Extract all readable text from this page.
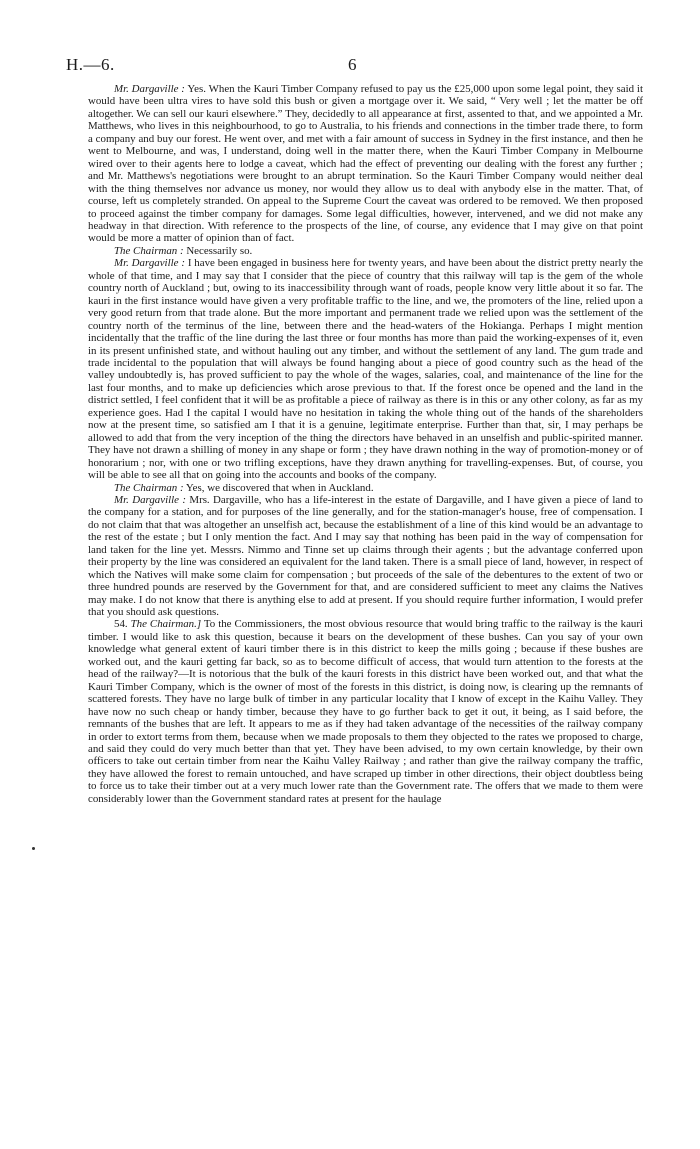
H.—6.	6

Mr. Dargaville : Yes. When the Kauri Timber Company refused to pay us the £25,000 upon some legal point, they said it would have been ultra vires to have sold this bush or given a mortgage over it. We said, “ Very well ; let the matter be off altogether. We can sell our kauri elsewhere.” They, decidedly to all appearance at first, assented to that, and we appointed a Mr. Matthews, who lives in this neighbourhood, to go to Australia, to his friends and connections in the timber trade there, to form a company and buy our forest. He went over, and met with a fair amount of success in Sydney in the first instance, and then he went to Melbourne, and was, I understand, doing well in the matter there, when the Kauri Timber Company in Melbourne wired over to their agents here to lodge a caveat, which had the effect of preventing our dealing with the forest any further ; and Mr. Matthews's negotiations were brought to an abrupt termination. So the Kauri Timber Company would neither deal with the thing themselves nor advance us money, nor would they allow us to deal with anybody else in the matter. That, of course, left us completely stranded. On appeal to the Supreme Court the caveat was ordered to be removed. We then proposed to proceed against the timber company for damages. Some legal difficulties, however, intervened, and we did not make any headway in that direction. With reference to the prospects of the line, of course, any evidence that I may give on that point would be more a matter of opinion than of fact.

The Chairman : Necessarily so.

Mr. Dargaville : I have been engaged in business here for twenty years, and have been about the district pretty nearly the whole of that time, and I may say that I consider that the piece of country that this railway will tap is the gem of the whole country north of Auckland ; but, owing to its inaccessibility through want of roads, people know very little about it so far. The kauri in the first instance would have given a very profitable traffic to the line, and we, the promoters of the line, relied upon a very good return from that trade alone. But the more important and permanent trade we relied upon was the settlement of the country north of the terminus of the line, between there and the head-waters of the Hokianga. Perhaps I might mention incidentally that the traffic of the line during the last three or four months has more than paid the working-expenses of it, even in its present unfinished state, and without hauling out any timber, and without the settlement of any land. The gum trade and trade incidental to the population that will always be found hanging about a piece of good country such as the head of the valley undoubtedly is, has proved sufficient to pay the whole of the wages, salaries, coal, and maintenance of the line for the last four months, and to make up deficiencies which arose previous to that. If the forest once be opened and the land in the district settled, I feel confident that it will be as profitable a piece of railway as there is in this or any other colony, as far as my experience goes. Had I the capital I would have no hesitation in taking the whole thing out of the hands of the shareholders now at the present time, so satisfied am I that it is a genuine, legitimate enterprise. Further than that, sir, I may perhaps be allowed to add that from the very inception of the thing the directors have behaved in an unselfish and public-spirited manner. They have not drawn a shilling of money in any shape or form ; they have drawn nothing in the way of promotion-money or of honorarium ; nor, with one or two trifling exceptions, have they drawn anything for travelling-expenses. But, of course, you will be able to see all that on going into the accounts and books of the company.

The Chairman : Yes, we discovered that when in Auckland.

Mr. Dargaville : Mrs. Dargaville, who has a life-interest in the estate of Dargaville, and I have given a piece of land to the company for a station, and for purposes of the line generally, and for the station-manager's house, free of compensation. I do not claim that that was altogether an unselfish act, because the establishment of a line of this kind would be an advantage to the rest of the estate ; but I only mention the fact. And I may say that nothing has been paid in the way of compensation for land taken for the line yet. Messrs. Nimmo and Tinne set up claims through their agents ; but the advantage conferred upon their property by the line was considered an equivalent for the land taken. There is a small piece of land, however, in respect of which the Natives will make some claim for compensation ; but proceeds of the sale of the debentures to the extent of two or three hundred pounds are reserved by the Government for that, and are considered sufficient to meet any claims the Natives may make. I do not know that there is anything else to add at present. If you should require further information, I would prefer that you should ask questions.

54. The Chairman.] To the Commissioners, the most obvious resource that would bring traffic to the railway is the kauri timber. I would like to ask this question, because it bears on the development of these bushes. Can you say of your own knowledge what general extent of kauri timber there is in this district to keep the mills going ; because if these bushes are worked out, and the kauri getting far back, so as to become difficult of access, that would turn attention to the forests at the head of the railway?—It is notorious that the bulk of the kauri forests in this district have been worked out, and that what the Kauri Timber Company, which is the owner of most of the forests in this district, is doing now, is clearing up the remnants of scattered forests. They have no large bulk of timber in any particular locality that I know of except in the Kaihu Valley. They have now no such cheap or handy timber, because they have to go further back to get it out, it being, as I said before, the remnants of the bushes that are left. It appears to me as if they had taken advantage of the necessities of the railway company in order to extort terms from them, because when we made proposals to them they objected to the rates we proposed to charge, and said they could do very much better than that yet. They have been advised, to my own certain knowledge, by their own officers to take out certain timber from near the Kaihu Valley Railway ; and rather than give the railway company the traffic, they have allowed the forest to remain untouched, and have scraped up timber in other directions, their object doubtless being to force us to take their timber out at a very much lower rate than the Government rate. The offers that we made to them were considerably lower than the Government standard rates at present for the haulage
